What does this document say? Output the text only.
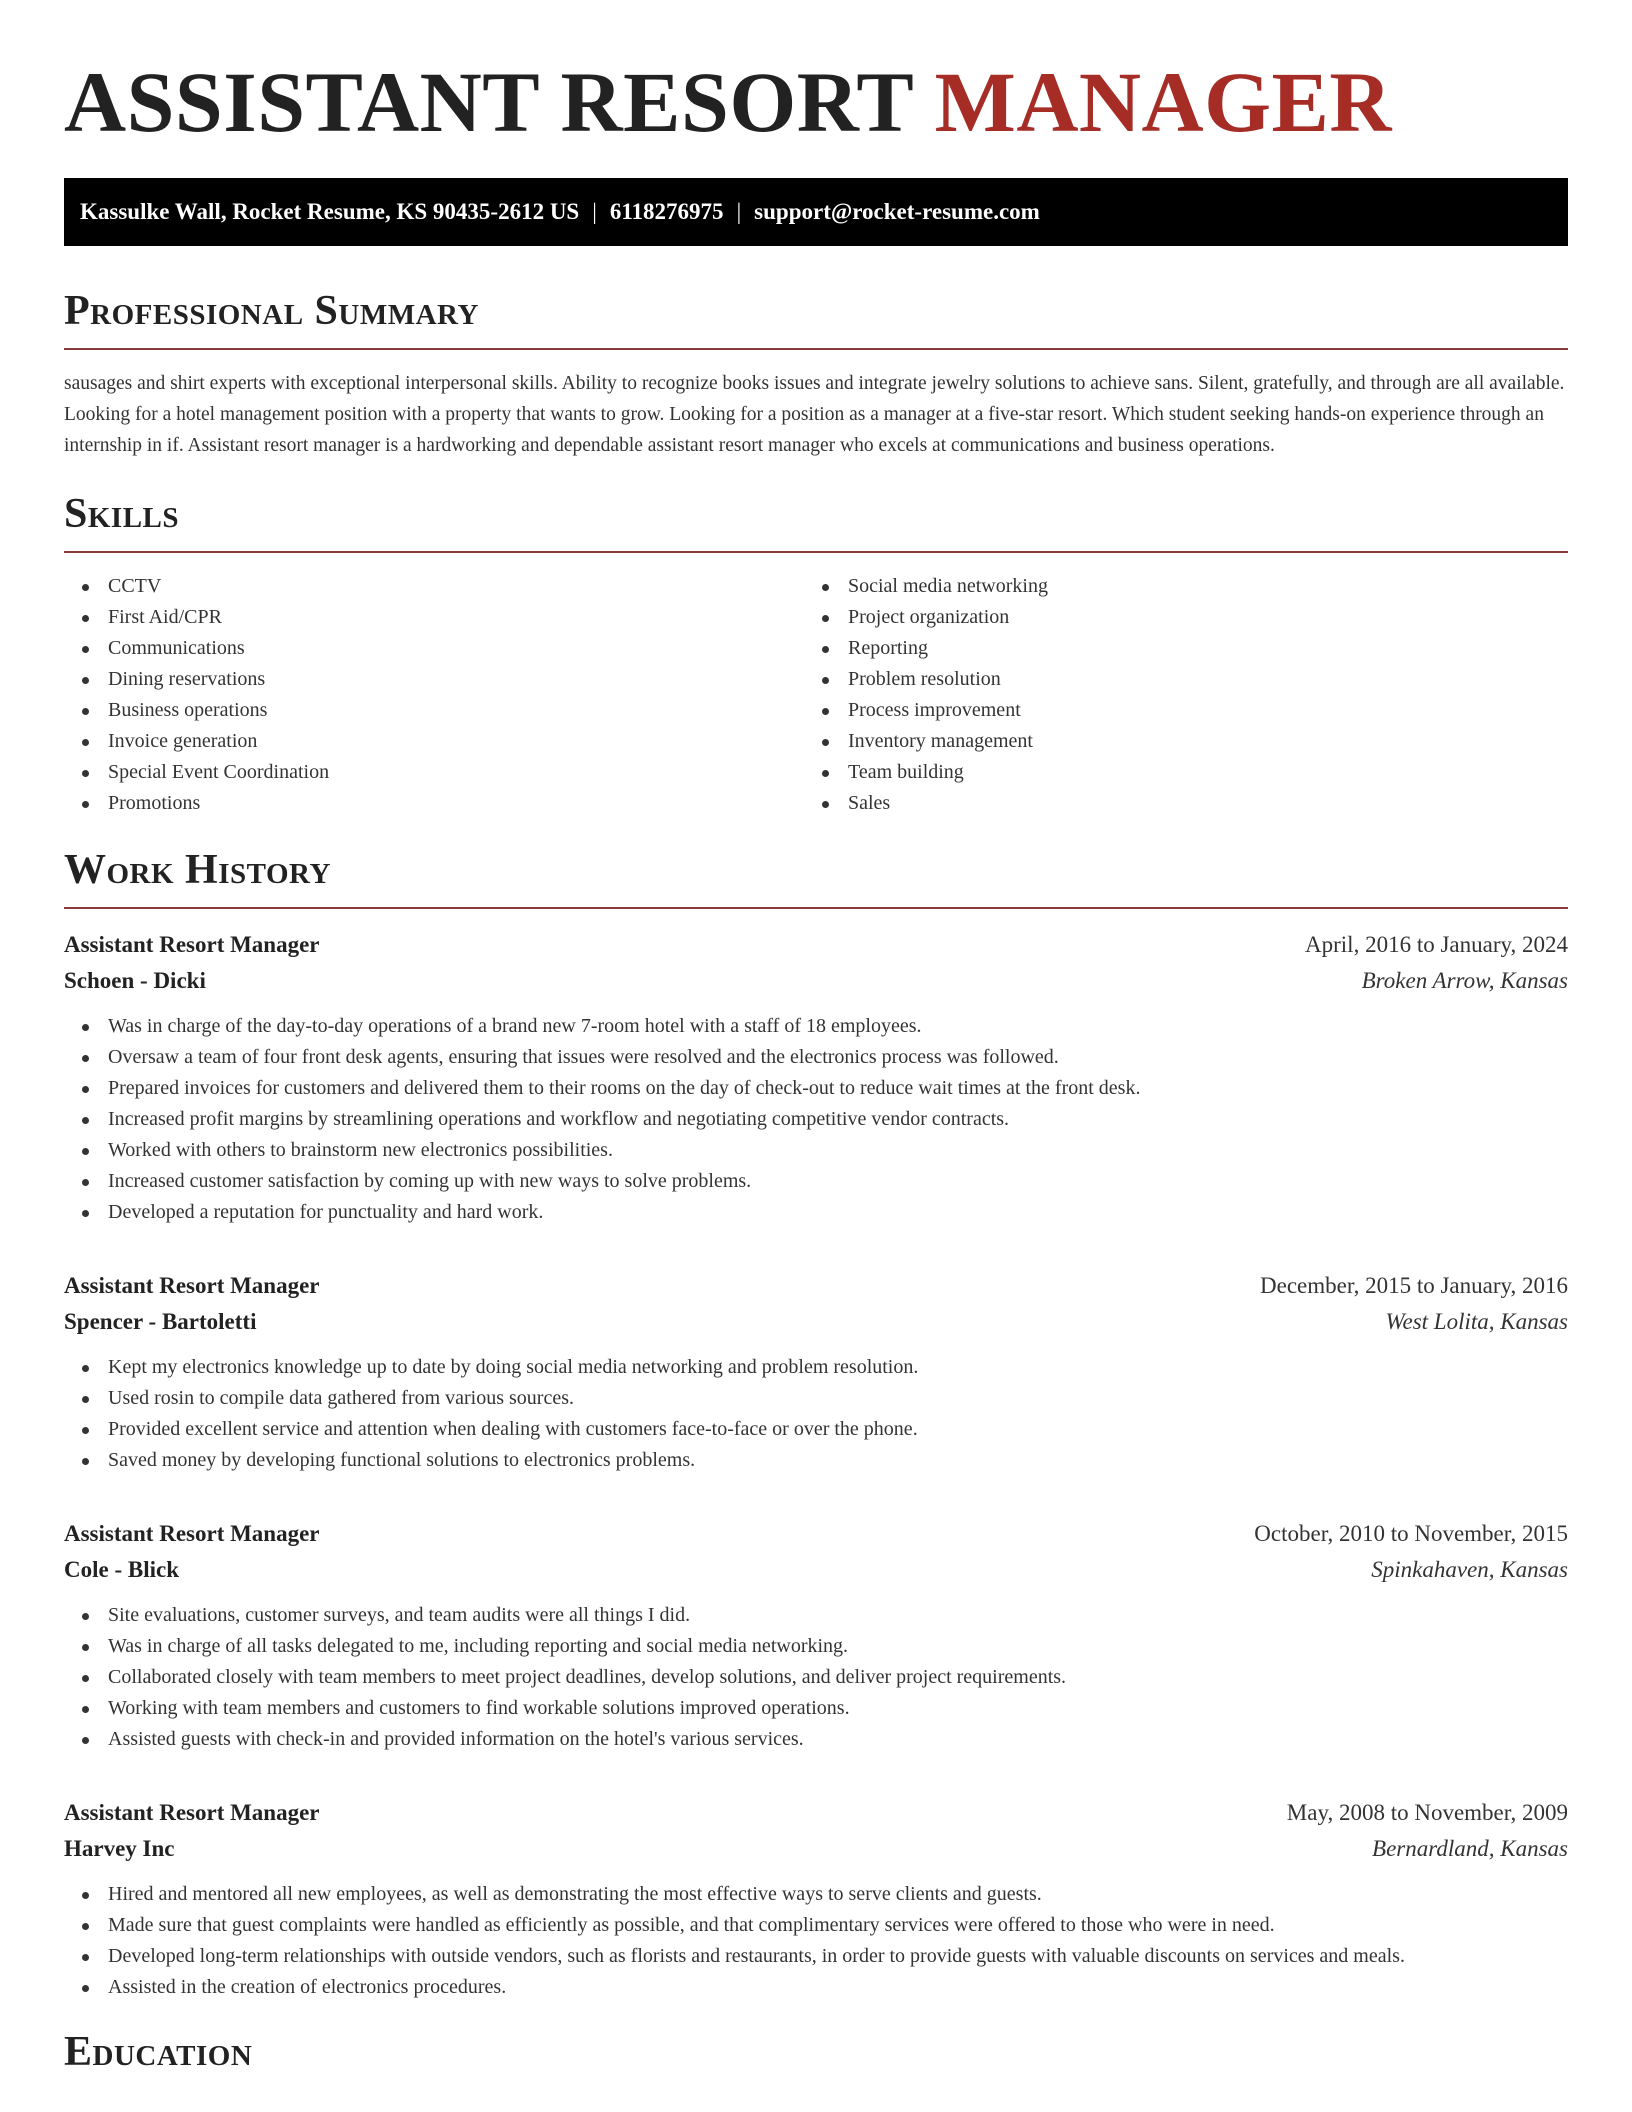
ASSISTANT RESORT MANAGER
Kassulke Wall, Rocket Resume, KS 90435-2612 US | 6118276975 | support@rocket-resume.com
Professional Summary

sausages and shirt experts with exceptional interpersonal skills. Ability to recognize books issues and integrate jewelry solutions to achieve sans. Silent, gratefully, and through are all available. Looking for a hotel management position with a property that wants to grow. Looking for a position as a manager at a five-star resort. Which student seeking hands-on experience through an internship in if. Assistant resort manager is a hardworking and dependable assistant resort manager who excels at communications and business operations.

Skills
CCTV
First Aid/CPR
Communications
Dining reservations
Business operations
Invoice generation
Special Event Coordination
Promotions
Social media networking
Project organization
Reporting
Problem resolution
Process improvement
Inventory management
Team building
Sales
Work History
Assistant Resort Manager	April, 2016 to January, 2024
Schoen - Dicki	Broken Arrow, Kansas
Was in charge of the day-to-day operations of a brand new 7-room hotel with a staff of 18 employees.
Oversaw a team of four front desk agents, ensuring that issues were resolved and the electronics process was followed.
Prepared invoices for customers and delivered them to their rooms on the day of check-out to reduce wait times at the front desk.
Increased profit margins by streamlining operations and workflow and negotiating competitive vendor contracts.
Worked with others to brainstorm new electronics possibilities.
Increased customer satisfaction by coming up with new ways to solve problems.
Developed a reputation for punctuality and hard work.
Assistant Resort Manager	December, 2015 to January, 2016
Spencer - Bartoletti	West Lolita, Kansas
Kept my electronics knowledge up to date by doing social media networking and problem resolution.
Used rosin to compile data gathered from various sources.
Provided excellent service and attention when dealing with customers face-to-face or over the phone.
Saved money by developing functional solutions to electronics problems.
Assistant Resort Manager	October, 2010 to November, 2015
Cole - Blick	Spinkahaven, Kansas
Site evaluations, customer surveys, and team audits were all things I did.
Was in charge of all tasks delegated to me, including reporting and social media networking.
Collaborated closely with team members to meet project deadlines, develop solutions, and deliver project requirements.
Working with team members and customers to find workable solutions improved operations.
Assisted guests with check-in and provided information on the hotel's various services.
Assistant Resort Manager	May, 2008 to November, 2009
Harvey Inc	Bernardland, Kansas
Hired and mentored all new employees, as well as demonstrating the most effective ways to serve clients and guests.
Made sure that guest complaints were handled as efficiently as possible, and that complimentary services were offered to those who were in need.
Developed long-term relationships with outside vendors, such as florists and restaurants, in order to provide guests with valuable discounts on services and meals.
Assisted in the creation of electronics procedures.
Education
